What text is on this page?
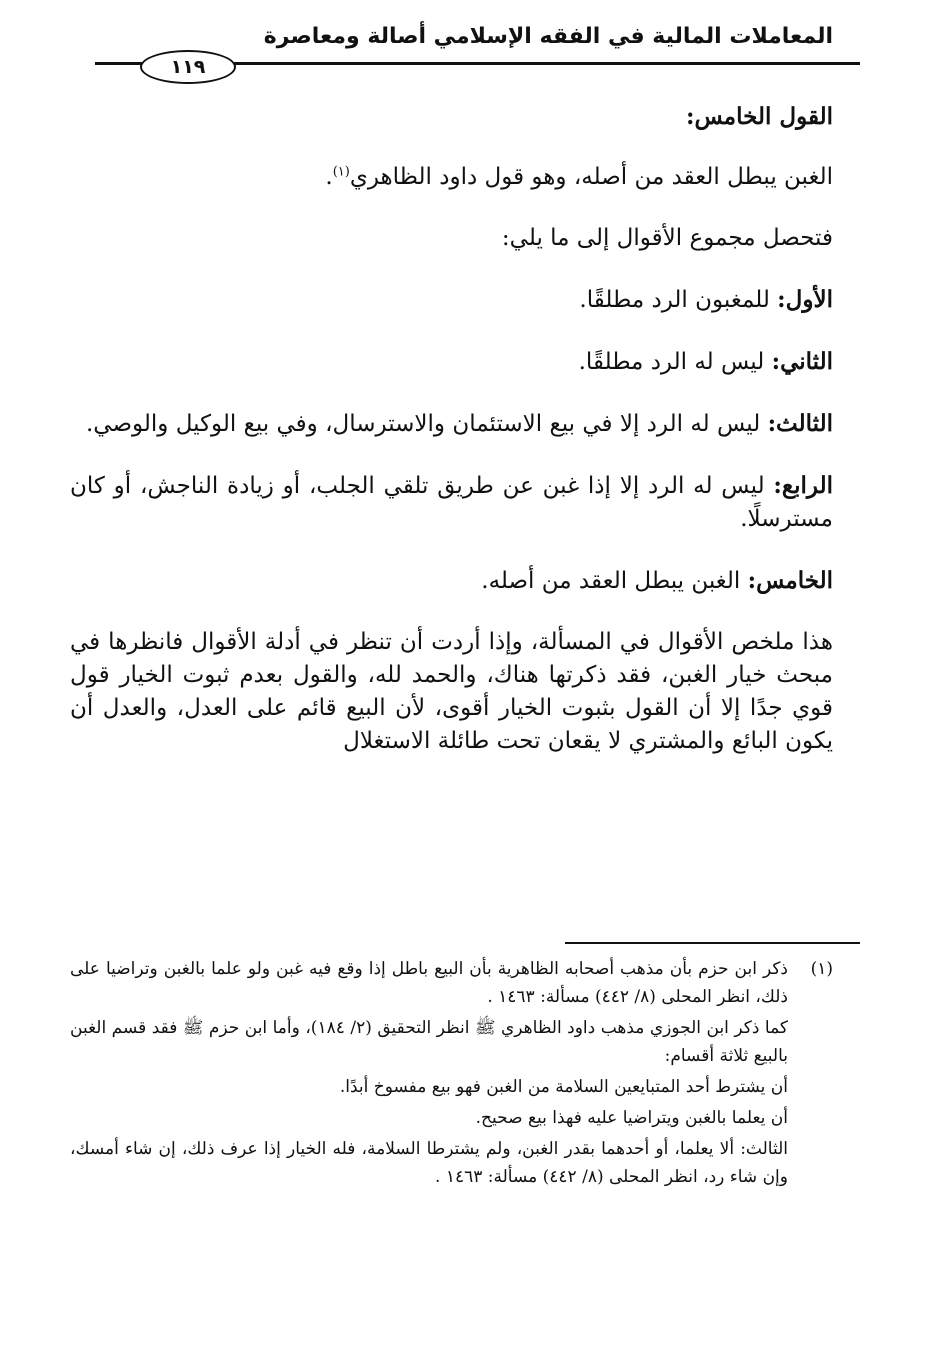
المعاملات المالية في الفقه الإسلامي أصالة ومعاصرة
١١٩

القول الخامس:

الغبن يبطل العقد من أصله، وهو قول داود الظاهري$^{(١)}$.

فتحصل مجموع الأقوال إلى ما يلي:

الأول: للمغبون الرد مطلقًا.

الثاني: ليس له الرد مطلقًا.

الثالث: ليس له الرد إلا في بيع الاستئمان والاسترسال، وفي بيع الوكيل والوصي.

الرابع: ليس له الرد إلا إذا غبن عن طريق تلقي الجلب، أو زيادة الناجش، أو كان مسترسلًا.

الخامس: الغبن يبطل العقد من أصله.

هذا ملخص الأقوال في المسألة، وإذا أردت أن تنظر في أدلة الأقوال فانظرها في مبحث خيار الغبن، فقد ذكرتها هناك، والحمد لله، والقول بعدم ثبوت الخيار قول قوي جدًا إلا أن القول بثبوت الخيار أقوى، لأن البيع قائم على العدل، والعدل أن يكون البائع والمشتري لا يقعان تحت طائلة الاستغلال

(١)ذكر ابن حزم بأن مذهب أصحابه الظاهرية بأن البيع باطل إذا وقع فيه غبن ولو علما بالغبن وتراضيا على ذلك، انظر المحلى (٨/ ٤٤٢) مسألة: ١٤٦٣ .

كما ذكر ابن الجوزي مذهب داود الظاهري ﷺ انظر التحقيق (٢/ ١٨٤)، وأما ابن حزم ﷺ فقد قسم الغبن بالبيع ثلاثة أقسام:

أن يشترط أحد المتبايعين السلامة من الغبن فهو بيع مفسوخ أبدًا.

أن يعلما بالغبن ويتراضيا عليه فهذا بيع صحيح.

الثالث: ألا يعلما، أو أحدهما بقدر الغبن، ولم يشترطا السلامة، فله الخيار إذا عرف ذلك، إن شاء أمسك، وإن شاء رد، انظر المحلى (٨/ ٤٤٢) مسألة: ١٤٦٣ .
